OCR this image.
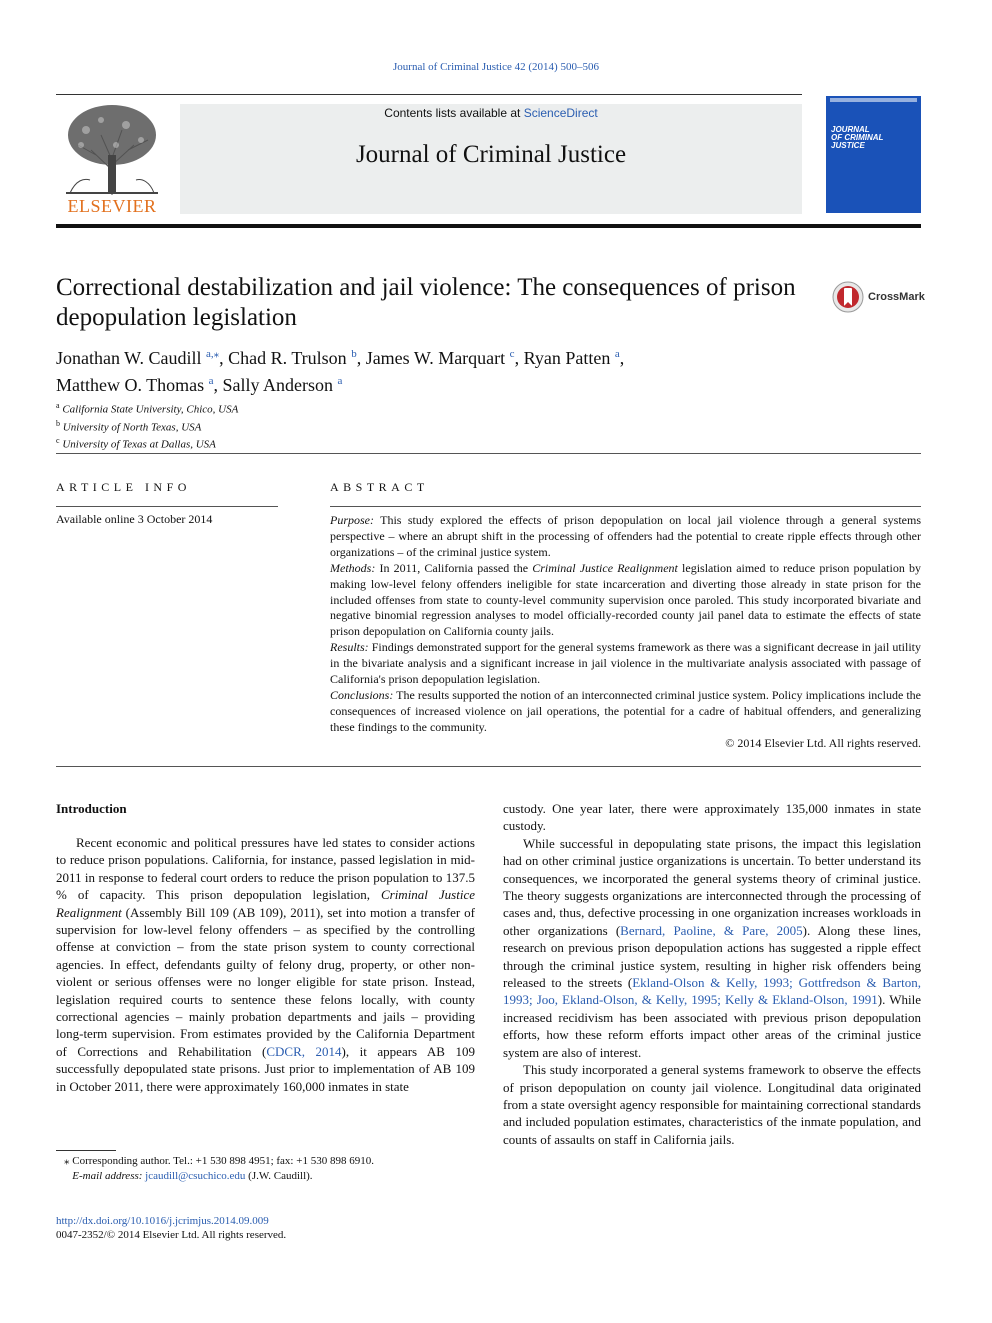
Journal of Criminal Justice 42 (2014) 500–506
ELSEVIER
Contents lists available at ScienceDirect
Journal of Criminal Justice
JOURNAL
OF CRIMINAL
JUSTICE
Correctional destabilization and jail violence: The consequences of prison depopulation legislation
CrossMark
Jonathan W. Caudill $^{a,⁎}$, Chad R. Trulson $^b$, James W. Marquart $^c$, Ryan Patten $^a$,
Matthew O. Thomas $^a$, Sally Anderson $^a$
$^a$ California State University, Chico, USA
$^b$ University of North Texas, USA
$^c$ University of Texas at Dallas, USA
ARTICLE INFO
Available online 3 October 2014
ABSTRACT

Purpose: This study explored the effects of prison depopulation on local jail violence through a general systems perspective – where an abrupt shift in the processing of offenders had the potential to create ripple effects through other organizations – of the criminal justice system.

Methods: In 2011, California passed the Criminal Justice Realignment legislation aimed to reduce prison population by making low-level felony offenders ineligible for state incarceration and diverting those already in state prison for the included offenses from state to county-level community supervision once paroled. This study incorporated bivariate and negative binomial regression analyses to model officially-recorded county jail panel data to estimate the effects of state prison depopulation on California county jails.

Results: Findings demonstrated support for the general systems framework as there was a significant decrease in jail utility in the bivariate analysis and a significant increase in jail violence in the multivariate analysis associated with passage of California's prison depopulation legislation.

Conclusions: The results supported the notion of an interconnected criminal justice system. Policy implications include the consequences of increased violence on jail operations, the potential for a cadre of habitual offenders, and generalizing these findings to the community.

© 2014 Elsevier Ltd. All rights reserved.
Introduction

Recent economic and political pressures have led states to consider actions to reduce prison populations. California, for instance, passed legislation in mid-2011 in response to federal court orders to reduce the prison population to 137.5 % of capacity. This prison depopulation legislation, Criminal Justice Realignment (Assembly Bill 109 (AB 109), 2011), set into motion a transfer of supervision for low-level felony offenders – as specified by the controlling offense at conviction – from the state prison system to county correctional agencies. In effect, defendants guilty of felony drug, property, or other non-violent or serious offenses were no longer eligible for state prison. Instead, legislation required courts to sentence these felons locally, with county correctional agencies – mainly probation departments and jails – providing long-term supervision. From estimates provided by the California Department of Corrections and Rehabilitation (CDCR, 2014), it appears AB 109 successfully depopulated state prisons. Just prior to implementation of AB 109 in October 2011, there were approximately 160,000 inmates in state

custody. One year later, there were approximately 135,000 inmates in state custody.

While successful in depopulating state prisons, the impact this legislation had on other criminal justice organizations is uncertain. To better understand its consequences, we incorporated the general systems theory of criminal justice. The theory suggests organizations are interconnected through the processing of cases and, thus, defective processing in one organization increases workloads in other organizations (Bernard, Paoline, & Pare, 2005). Along these lines, research on previous prison depopulation actions has suggested a ripple effect through the criminal justice system, resulting in higher risk offenders being released to the streets (Ekland-Olson & Kelly, 1993; Gottfredson & Barton, 1993; Joo, Ekland-Olson, & Kelly, 1995; Kelly & Ekland-Olson, 1991). While increased recidivism has been associated with previous prison depopulation efforts, how these reform efforts impact other areas of the criminal justice system are also of interest.

This study incorporated a general systems framework to observe the effects of prison depopulation on county jail violence. Longitudinal data originated from a state oversight agency responsible for maintaining correctional standards and included population estimates, characteristics of the inmate population, and counts of assaults on staff in California jails.

⁎ Corresponding author. Tel.: +1 530 898 4951; fax: +1 530 898 6910.
E-mail address: jcaudill@csuchico.edu (J.W. Caudill).
http://dx.doi.org/10.1016/j.jcrimjus.2014.09.009
0047-2352/© 2014 Elsevier Ltd. All rights reserved.
